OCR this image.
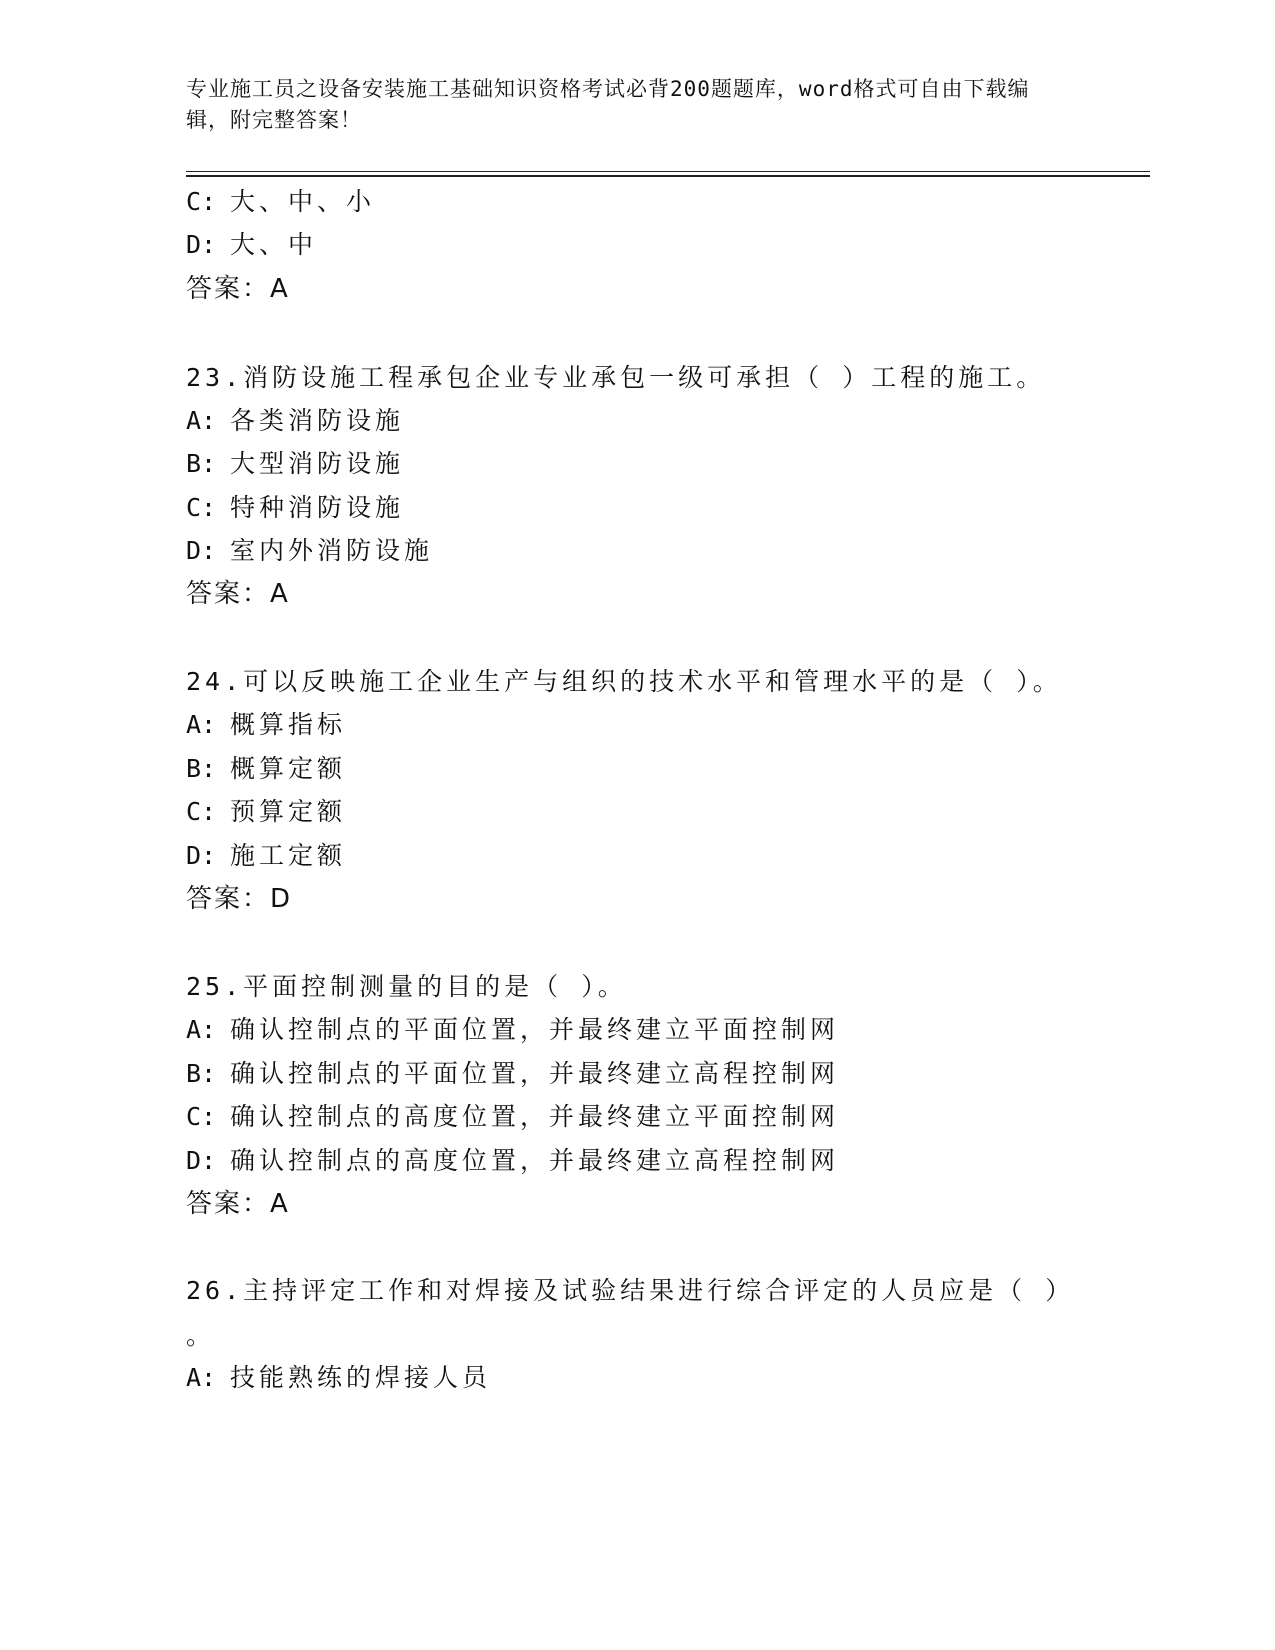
专业施工员之设备安装施工基础知识资格考试必背200题题库，word格式可自由下载编辑，附完整答案！
C: 大、中、小
D: 大、中
答案：A
23.消防设施工程承包企业专业承包一级可承担（ ）工程的施工。
A: 各类消防设施
B: 大型消防设施
C: 特种消防设施
D: 室内外消防设施
答案：A
24.可以反映施工企业生产与组织的技术水平和管理水平的是（ ）。
A: 概算指标
B: 概算定额
C: 预算定额
D: 施工定额
答案：D
25.平面控制测量的目的是（ ）。
A: 确认控制点的平面位置，并最终建立平面控制网
B: 确认控制点的平面位置，并最终建立高程控制网
C: 确认控制点的高度位置，并最终建立平面控制网
D: 确认控制点的高度位置，并最终建立高程控制网
答案：A
26.主持评定工作和对焊接及试验结果进行综合评定的人员应是（ ）
。
A: 技能熟练的焊接人员
